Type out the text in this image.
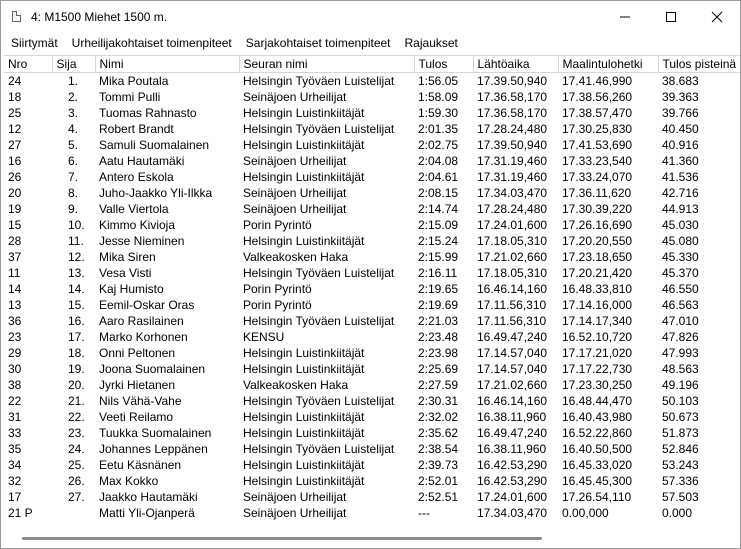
4: M1500 Miehet 1500 m.
Siirtymät	Urheilijakohtaiset toimenpiteet	Sarjakohtaiset toimenpiteet	Rajaukset
Nro	Sija	Nimi	Seuran nimi	Tulos	Lähtöaika	Maalintulohetki	Tulos pisteinä
24	1.	Mika Poutala	Helsingin Työväen Luistelijat	1:56.05	17.39.50,940	17.41.46,990	38.683
18	2.	Tommi Pulli	Seinäjoen Urheilijat	1:58.09	17.36.58,170	17.38.56,260	39.363
25	3.	Tuomas Rahnasto	Helsingin Luistinkiitäjät	1:59.30	17.36.58,170	17.38.57,470	39.766
12	4.	Robert Brandt	Helsingin Työväen Luistelijat	2:01.35	17.28.24,480	17.30.25,830	40.450
27	5.	Samuli Suomalainen	Helsingin Luistinkiitäjät	2:02.75	17.39.50,940	17.41.53,690	40.916
16	6.	Aatu Hautamäki	Seinäjoen Urheilijat	2:04.08	17.31.19,460	17.33.23,540	41.360
26	7.	Antero Eskola	Helsingin Luistinkiitäjät	2:04.61	17.31.19,460	17.33.24,070	41.536
20	8.	Juho-Jaakko Yli-Ilkka	Seinäjoen Urheilijat	2:08.15	17.34.03,470	17.36.11,620	42.716
19	9.	Valle Viertola	Seinäjoen Urheilijat	2:14.74	17.28.24,480	17.30.39,220	44.913
15	10.	Kimmo Kivioja	Porin Pyrintö	2:15.09	17.24.01,600	17.26.16,690	45.030
28	11.	Jesse Nieminen	Helsingin Luistinkiitäjät	2:15.24	17.18.05,310	17.20.20,550	45.080
37	12.	Mika Siren	Valkeakosken Haka	2:15.99	17.21.02,660	17.23.18,650	45.330
11	13.	Vesa Visti	Helsingin Työväen Luistelijat	2:16.11	17.18.05,310	17.20.21,420	45.370
14	14.	Kaj Humisto	Porin Pyrintö	2:19.65	16.46.14,160	16.48.33,810	46.550
13	15.	Eemil-Oskar Oras	Porin Pyrintö	2:19.69	17.11.56,310	17.14.16,000	46.563
36	16.	Aaro Rasilainen	Helsingin Työväen Luistelijat	2:21.03	17.11.56,310	17.14.17,340	47.010
23	17.	Marko Korhonen	KENSU	2:23.48	16.49.47,240	16.52.10,720	47.826
29	18.	Onni Peltonen	Helsingin Luistinkiitäjät	2:23.98	17.14.57,040	17.17.21,020	47.993
30	19.	Joona Suomalainen	Helsingin Luistinkiitäjät	2:25.69	17.14.57,040	17.17.22,730	48.563
38	20.	Jyrki Hietanen	Valkeakosken Haka	2:27.59	17.21.02,660	17.23.30,250	49.196
22	21.	Nils Vähä-Vahe	Helsingin Työväen Luistelijat	2:30.31	16.46.14,160	16.48.44,470	50.103
31	22.	Veeti Reilamo	Helsingin Luistinkiitäjät	2:32.02	16.38.11,960	16.40.43,980	50.673
33	23.	Tuukka Suomalainen	Helsingin Luistinkiitäjät	2:35.62	16.49.47,240	16.52.22,860	51.873
35	24.	Johannes Leppänen	Helsingin Työväen Luistelijat	2:38.54	16.38.11,960	16.40.50,500	52.846
34	25.	Eetu Käsnänen	Helsingin Luistinkiitäjät	2:39.73	16.42.53,290	16.45.33,020	53.243
32	26.	Max Kokko	Helsingin Luistinkiitäjät	2:52.01	16.42.53,290	16.45.45,300	57.336
17	27.	Jaakko Hautamäki	Seinäjoen Urheilijat	2:52.51	17.24.01,600	17.26.54,110	57.503
21 P		Matti Yli-Ojanperä	Seinäjoen Urheilijat	---	17.34.03,470	0.00,000	0.000
